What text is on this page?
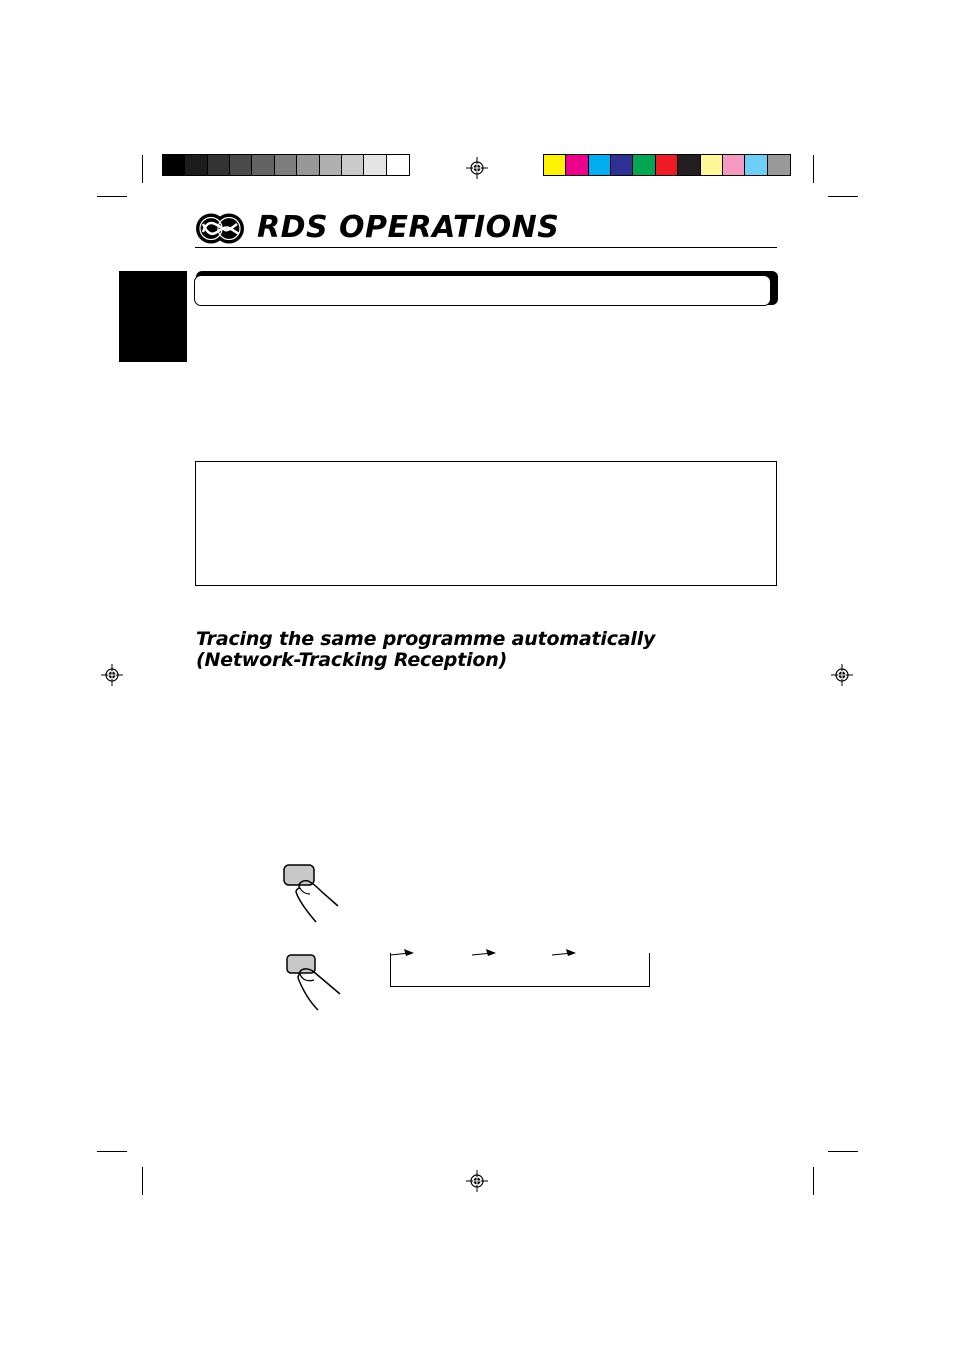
RDS OPERATIONS
Tracing the same programme automatically (Network-Tracking Reception)
